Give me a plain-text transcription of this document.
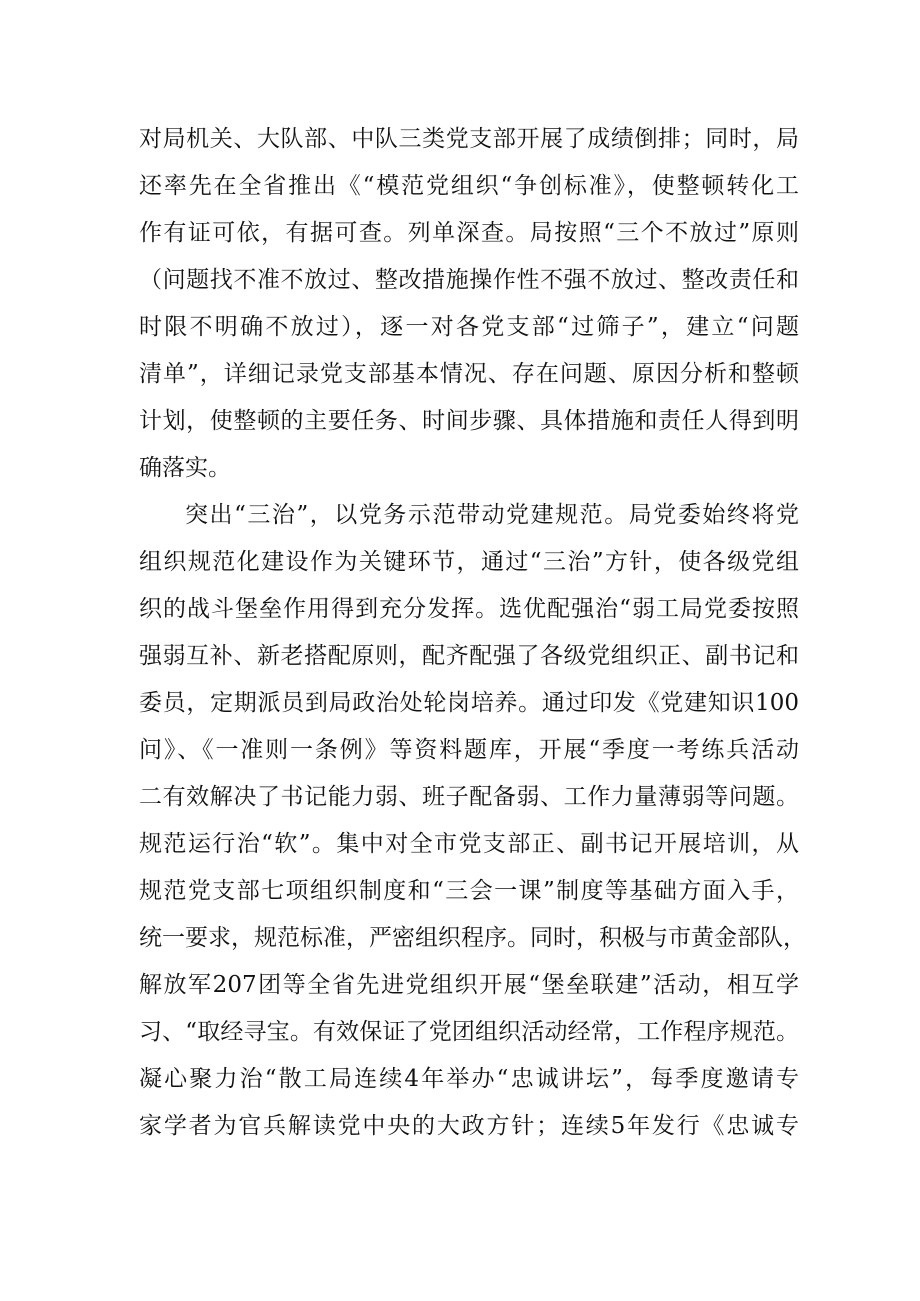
对局机关、大队部、中队三类党支部开展了成绩倒排；同时，局
还率先在全省推出《“模范党组织“争创标准》，使整顿转化工
作有证可依，有据可查。列单深查。局按照“三个不放过”原则
（问题找不准不放过、整改措施操作性不强不放过、整改责任和
时限不明确不放过），逐一对各党支部“过筛子”，建立“问题
清单”，详细记录党支部基本情况、存在问题、原因分析和整顿
计划，使整顿的主要任务、时间步骤、具体措施和责任人得到明
确落实。
突出“三治”，以党务示范带动党建规范。局党委始终将党
组织规范化建设作为关键环节，通过“三治”方针，使各级党组
织的战斗堡垒作用得到充分发挥。选优配强治“弱工局党委按照
强弱互补、新老搭配原则，配齐配强了各级党组织正、副书记和
委员，定期派员到局政治处轮岗培养。通过印发《党建知识100
问》、《一准则一条例》等资料题库，开展“季度一考练兵活动
二有效解决了书记能力弱、班子配备弱、工作力量薄弱等问题。
规范运行治“软”。集中对全市党支部正、副书记开展培训，从
规范党支部七项组织制度和“三会一课”制度等基础方面入手，
统一要求，规范标准，严密组织程序。同时，积极与市黄金部队，
解放军207团等全省先进党组织开展“堡垒联建”活动，相互学
习、“取经寻宝。有效保证了党团组织活动经常，工作程序规范。
凝心聚力治“散工局连续4年举办“忠诚讲坛”，每季度邀请专
家学者为官兵解读党中央的大政方针；连续5年发行《忠诚专
